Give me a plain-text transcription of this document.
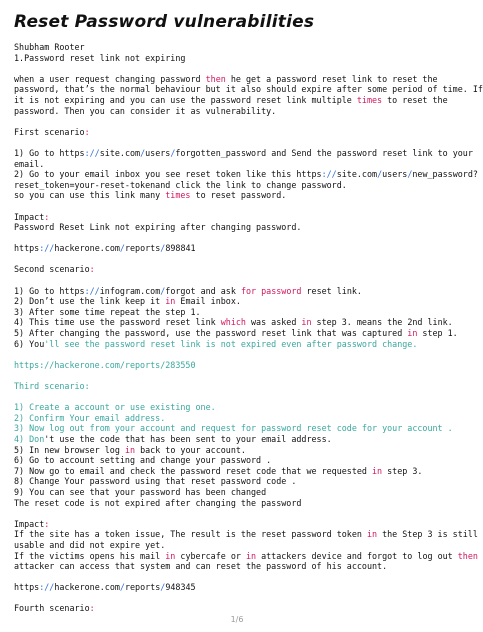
Reset Password vulnerabilities
Shubham Rooter
1.Password reset link not expiring
when a user request changing password then he get a password reset link to reset the
password, that’s the normal behaviour but it also should expire after some period of time. If
it is not expiring and you can use the password reset link multiple times to reset the
password. Then you can consider it as vulnerability.
First scenario:
1) Go to https://site.com/users/forgotten_password and Send the password reset link to your
email.
2) Go to your email inbox you see reset token like this https://site.com/users/new_password?
reset_token=your-reset-tokenand click the link to change password.
so you can use this link many times to reset password.
Impact:
Password Reset Link not expiring after changing password.
https://hackerone.com/reports/898841
Second scenario:
1) Go to https://infogram.com/forgot and ask for password reset link.
2) Don’t use the link keep it in Email inbox.
3) After some time repeat the step 1.
4) This time use the password reset link which was asked in step 3. means the 2nd link.
5) After changing the password, use the password reset link that was captured in step 1.
6) You'll see the password reset link is not expired even after password change.
https://hackerone.com/reports/283550
Third scenario:
1) Create a account or use existing one.
2) Confirm Your email address.
3) Now log out from your account and request for password reset code for your account .
4) Don't use the code that has been sent to your email address.
5) In new browser log in back to your account.
6) Go to account setting and change your password .
7) Now go to email and check the password reset code that we requested in step 3.
8) Change Your password using that reset password code .
9) You can see that your password has been changed
The reset code is not expired after changing the password
Impact:
If the site has a token issue, The result is the reset password token in the Step 3 is still
usable and did not expire yet.
If the victims opens his mail in cybercafe or in attackers device and forgot to log out then
attacker can access that system and can reset the password of his account.
https://hackerone.com/reports/948345
Fourth scenario:
1/6
